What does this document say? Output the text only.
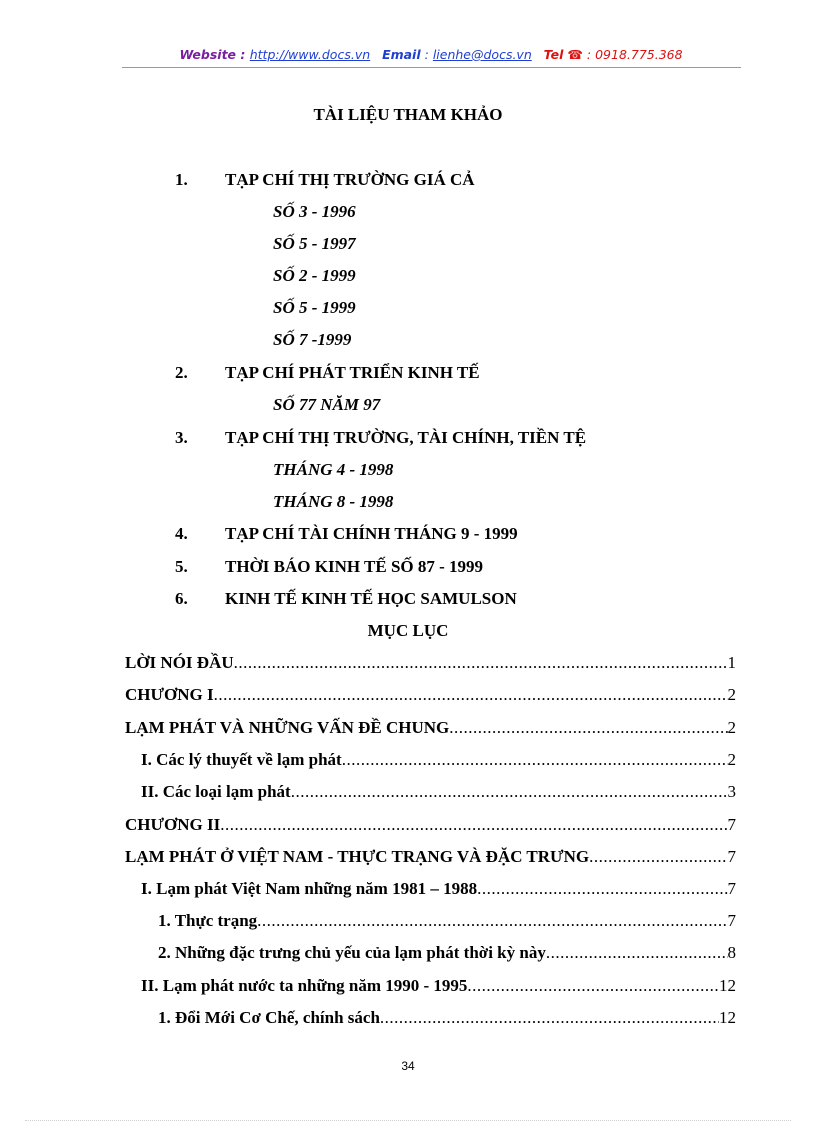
Website : http://www.docs.vn Email : lienhe@docs.vn Tel ☎ : 0918.775.368
TÀI LIỆU THAM KHẢO
1. TẠP CHÍ THỊ TRƯỜNG GIÁ CẢ
SỐ 3 - 1996
SỐ 5 - 1997
SỐ 2 - 1999
SỐ 5 - 1999
SỐ 7 -1999
2. TẠP CHÍ PHÁT TRIỂN KINH TẾ
SỐ 77 NĂM 97
3. TẠP CHÍ THỊ TRƯỜNG, TÀI CHÍNH, TIỀN TỆ
THÁNG 4 - 1998
THÁNG 8 - 1998
4. TẠP CHÍ TÀI CHÍNH THÁNG 9 - 1999
5. THỜI BÁO KINH TẾ SỐ 87 - 1999
6. KINH TẾ KINH TẾ HỌC SAMULSON
MỤC LỤC
LỜI NÓI ĐẦU .....	1
CHƯƠNG I .....	2
LẠM PHÁT VÀ NHỮNG VẤN ĐỀ CHUNG .....	2
I. Các lý thuyết về lạm phát .....	2
II. Các loại lạm phát .....	3
CHƯƠNG II .....	7
LẠM PHÁT Ở VIỆT NAM - THỰC TRẠNG VÀ ĐẶC TRƯNG .....	7
I. Lạm phát Việt Nam những năm 1981 – 1988 .....	7
1. Thực trạng .....	7
2. Những đặc trưng chủ yếu của lạm phát thời kỳ này .....	8
II. Lạm phát nước ta những năm 1990 - 1995 .....	12
1. Đổi Mới Cơ Chế, chính sách .....	12
34
